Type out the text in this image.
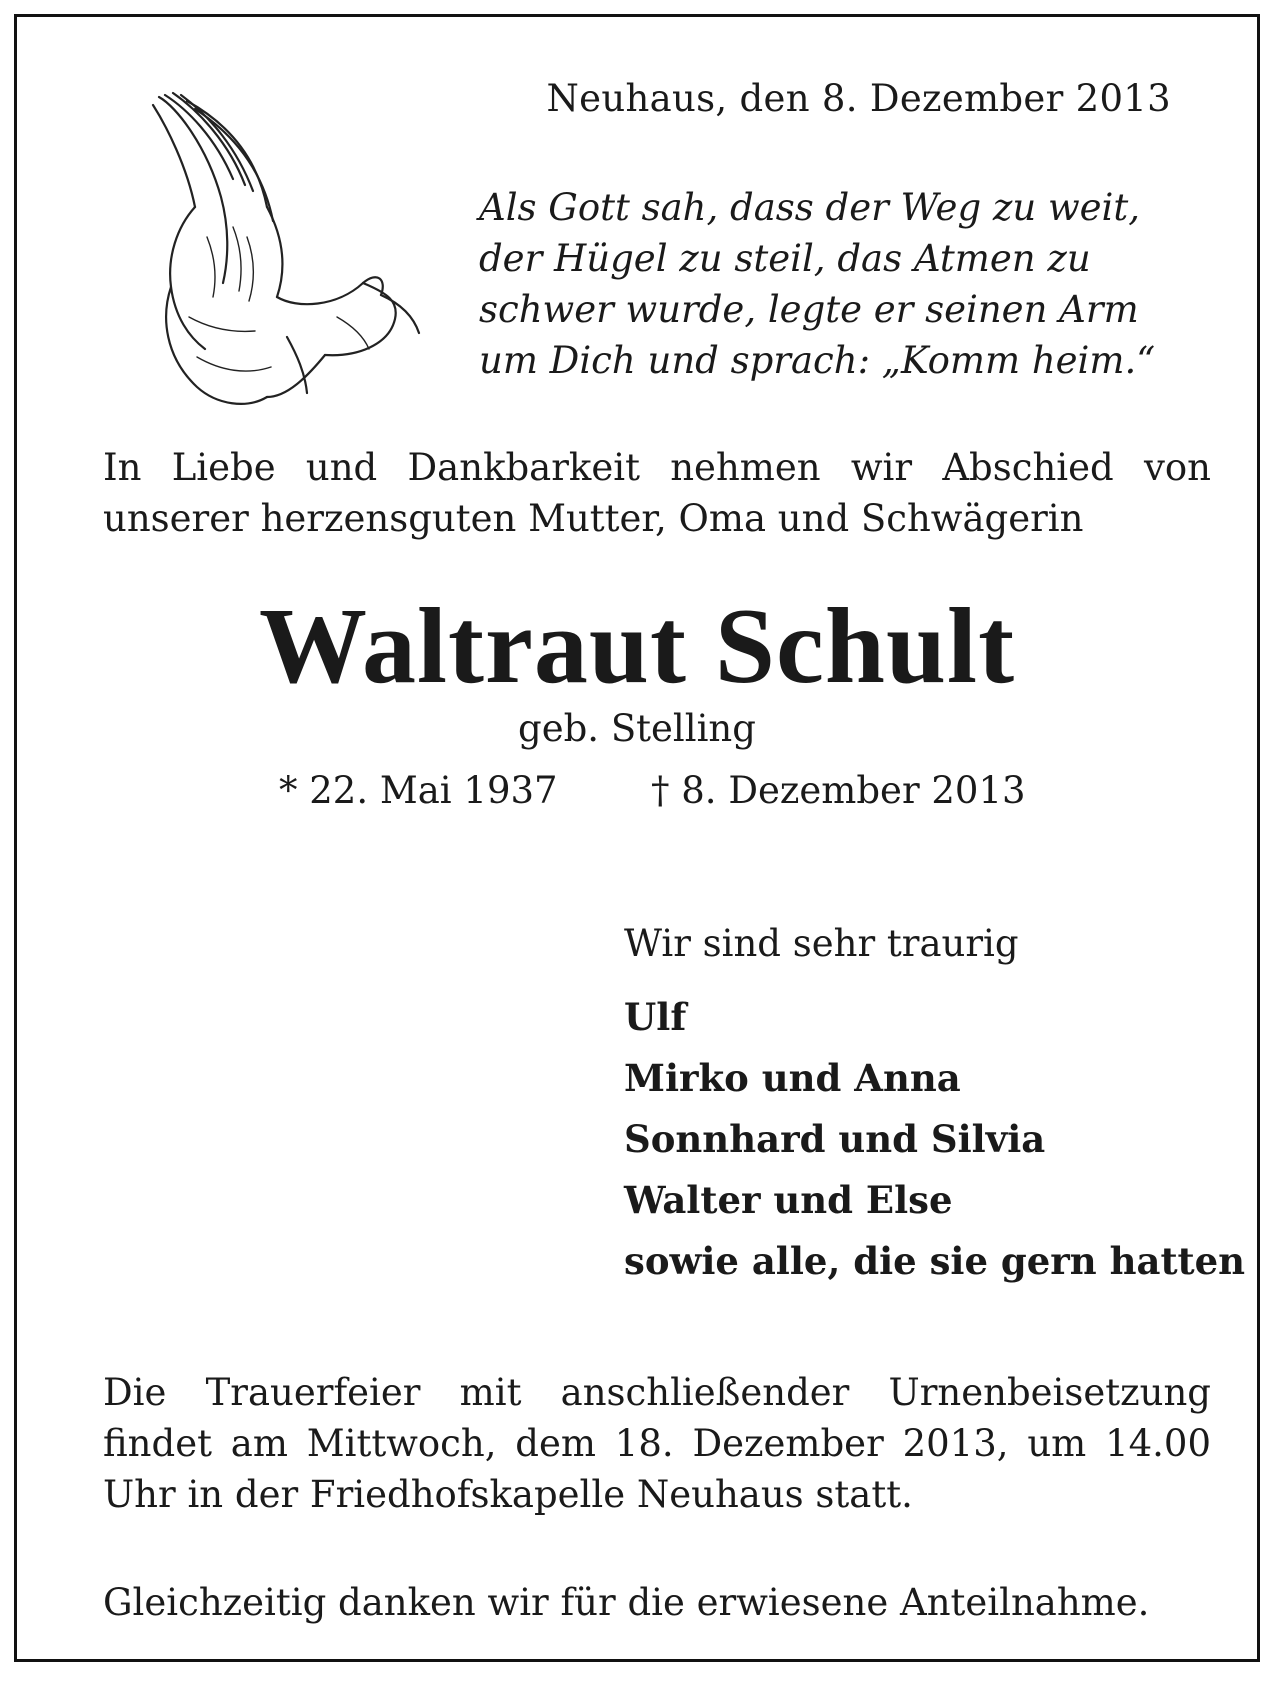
Neuhaus, den 8. Dezember 2013
Als Gott sah, dass der Weg zu weit,
der Hügel zu steil, das Atmen zu
schwer wurde, legte er seinen Arm
um Dich und sprach: „Komm heim.“
In Liebe und Dankbarkeit nehmen wir Abschied von
unserer herzensguten Mutter, Oma und Schwägerin
Waltraut Schult
geb. Stelling
* 22. Mai 1937	† 8. Dezember 2013
Wir sind sehr traurig
Ulf
Mirko und Anna
Sonnhard und Silvia
Walter und Else
sowie alle, die sie gern hatten
Die Trauerfeier mit anschließender Urnenbeisetzung
findet am Mittwoch, dem 18. Dezember 2013, um 14.00
Uhr in der Friedhofskapelle Neuhaus statt.
Gleichzeitig danken wir für die erwiesene Anteilnahme.
